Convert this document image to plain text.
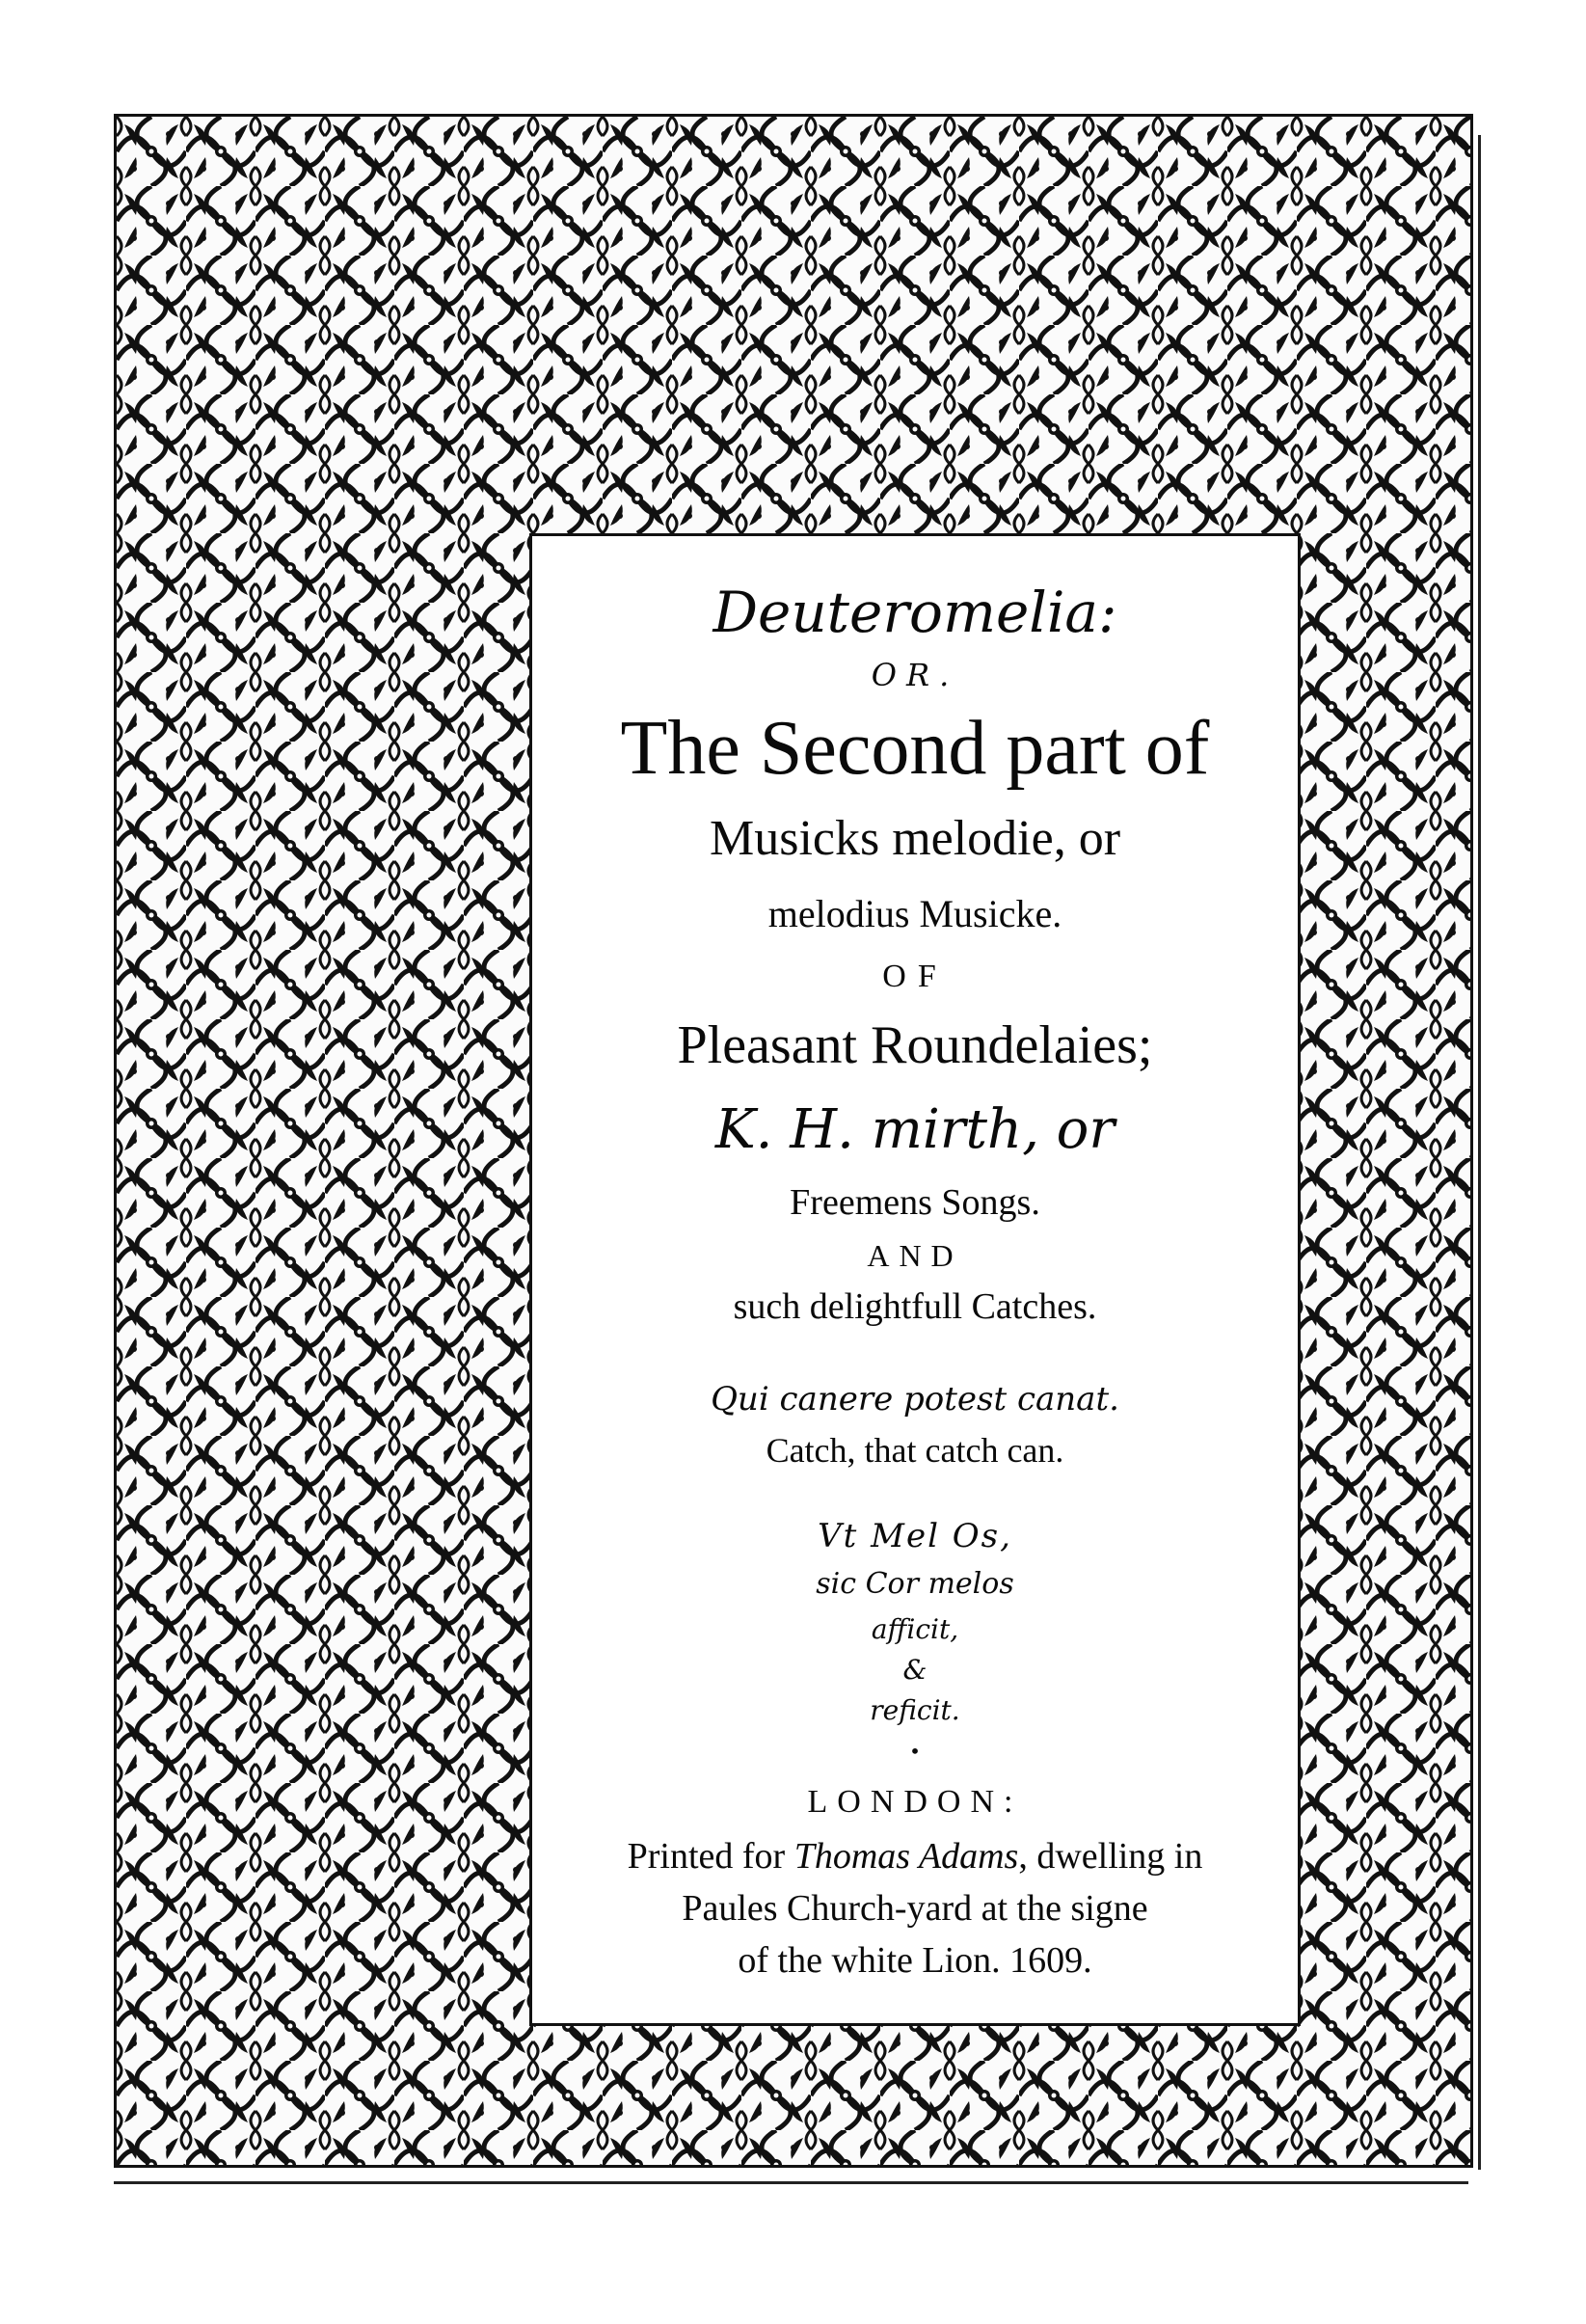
Deuteromelia:
OR.
The Second part of
Musicks melodie, or
melodius Musicke.
OF
Pleasant Roundelaies;
K. H. mirth, or
Freemens Songs.
AND
such delightfull Catches.
Qui canere potest canat.
Catch, that catch can.
Vt Mel Os,
sic Cor melos
afficit,
&
reficit.
•
LONDON:
Printed for Thomas Adams, dwelling in
Paules Church-yard at the signe
of the white Lion. 1609.
